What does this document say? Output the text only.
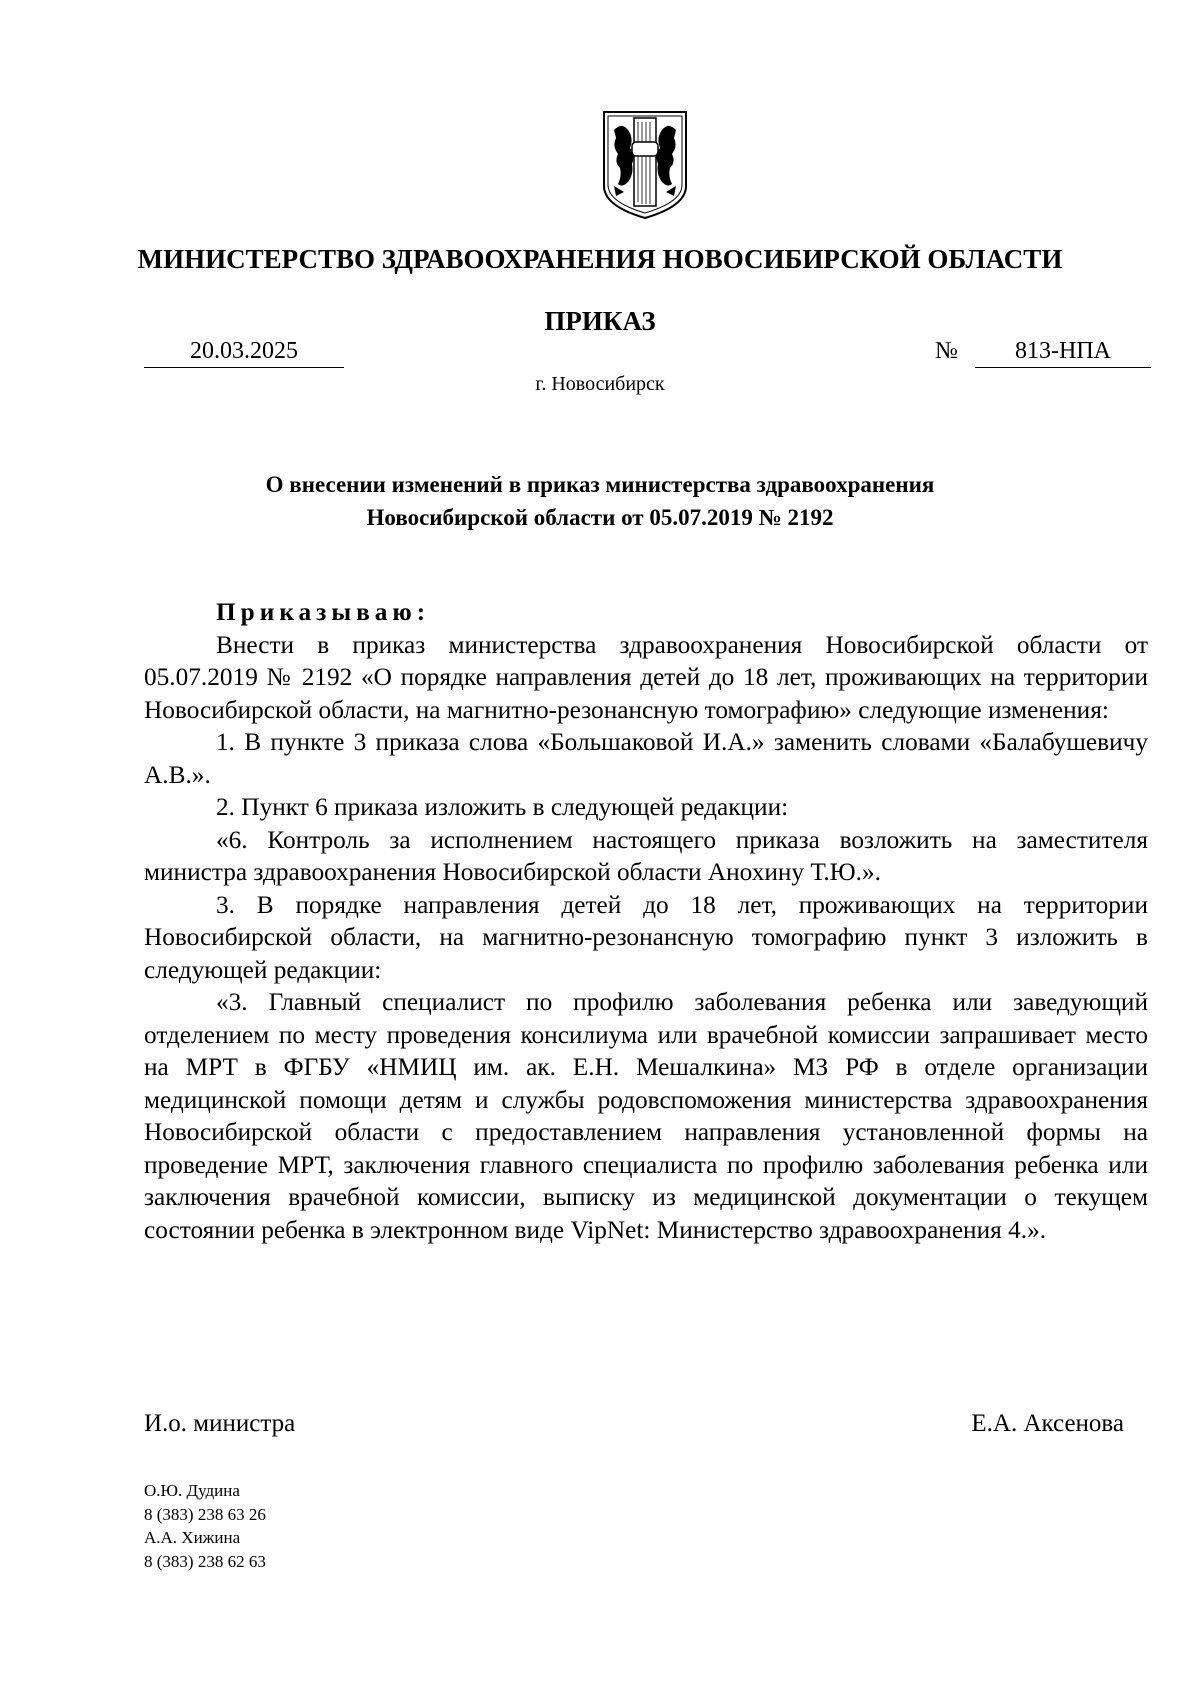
МИНИСТЕРСТВО ЗДРАВООХРАНЕНИЯ НОВОСИБИРСКОЙ ОБЛАСТИ
ПРИКАЗ
20.03.2025	№	813-НПА
г. Новосибирск
О внесении изменений в приказ министерства здравоохранения
Новосибирской области от 05.07.2019 № 2192

Приказываю:

Внести в приказ министерства здравоохранения Новосибирской области от 05.07.2019 № 2192 «О порядке направления детей до 18 лет, проживающих на территории Новосибирской области, на магнитно-резонансную томографию» следующие изменения:

1. В пункте 3 приказа слова «Большаковой И.А.» заменить словами «Балабушевичу А.В.».

2. Пункт 6 приказа изложить в следующей редакции:

«6. Контроль за исполнением настоящего приказа возложить на заместителя министра здравоохранения Новосибирской области Анохину Т.Ю.».

3. В порядке направления детей до 18 лет, проживающих на территории Новосибирской области, на магнитно-резонансную томографию пункт 3 изложить в следующей редакции:

«3. Главный специалист по профилю заболевания ребенка или заведующий отделением по месту проведения консилиума или врачебной комиссии запрашивает место на МРТ в ФГБУ «НМИЦ им. ак. Е.Н. Мешалкина» МЗ РФ в отделе организации медицинской помощи детям и службы родовспоможения министерства здравоохранения Новосибирской области с предоставлением направления установленной формы на проведение МРТ, заключения главного специалиста по профилю заболевания ребенка или заключения врачебной комиссии, выписку из медицинской документации о текущем состоянии ребенка в электронном виде VipNet: Министерство здравоохранения 4.».

И.о. министра	Е.А. Аксенова
О.Ю. Дудина
8 (383) 238 63 26
А.А. Хижина
8 (383) 238 62 63
